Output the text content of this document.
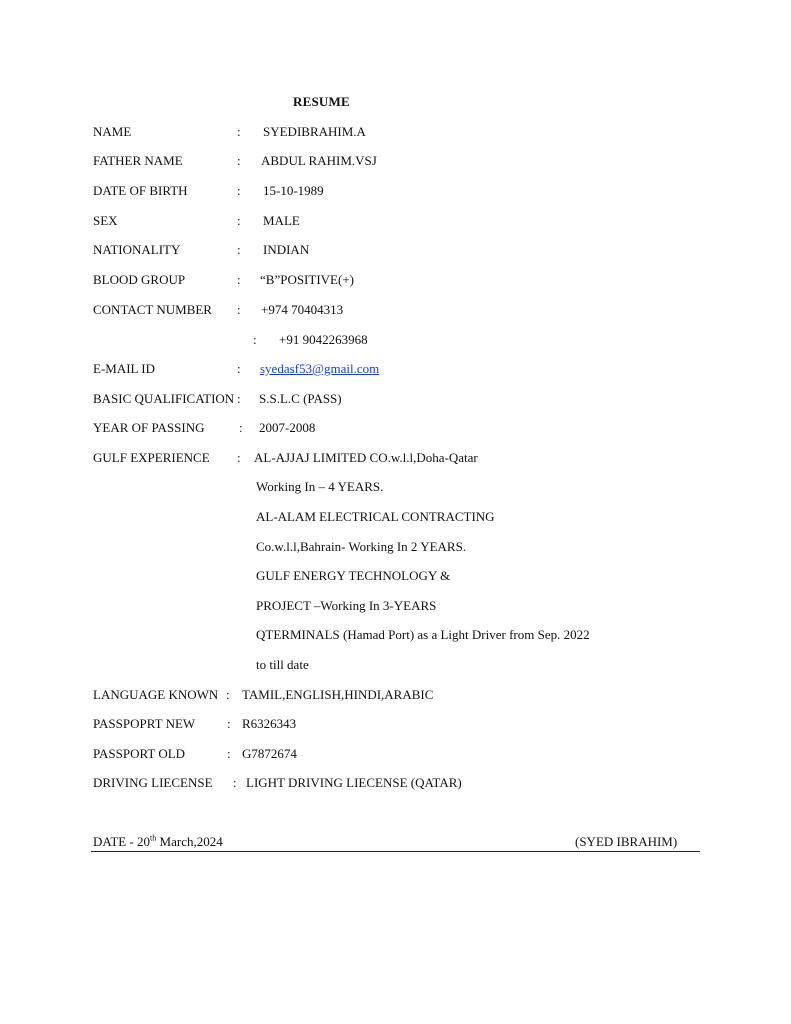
RESUME
NAME	: SYEDIBRAHIM.A
FATHER NAME	: ABDUL RAHIM.VSJ
DATE OF BIRTH	: 15-10-1989
SEX	: MALE
NATIONALITY	: INDIAN
BLOOD GROUP	: “B”POSITIVE(+)
CONTACT NUMBER : +974 70404313
: +91 9042263968
E-MAIL ID	: syedasf53@gmail.com
BASIC QUALIFICATION : S.S.L.C (PASS)
YEAR OF PASSING	: 2007-2008
GULF EXPERIENCE : AL-AJJAJ LIMITED CO.w.l.l,Doha-Qatar
Working In – 4 YEARS.
AL-ALAM ELECTRICAL CONTRACTING
Co.w.l.l,Bahrain- Working In 2 YEARS.
GULF ENERGY TECHNOLOGY &
PROJECT –Working In 3-YEARS
QTERMINALS (Hamad Port) as a Light Driver from Sep. 2022
to till date
LANGUAGE KNOWN : TAMIL,ENGLISH,HINDI,ARABIC
PASSPOPRT NEW : R6326343
PASSPORT OLD	: G7872674
DRIVING LIECENSE : LIGHT DRIVING LIECENSE (QATAR)
DATE - 20th March,2024	(SYED IBRAHIM)
